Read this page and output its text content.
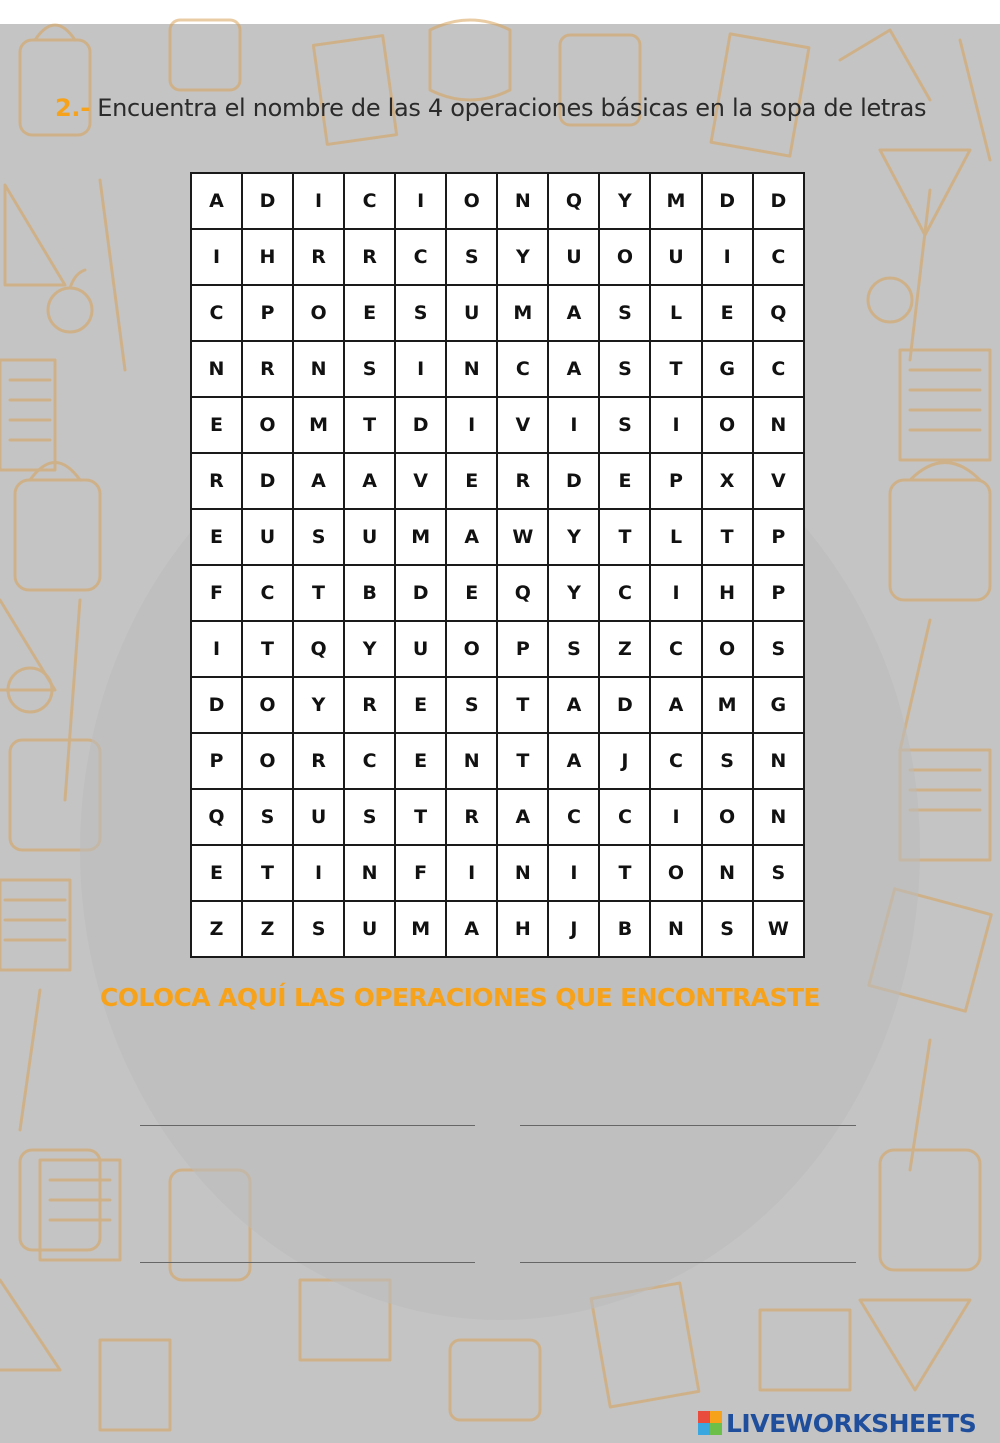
2.- Encuentra el nombre de las 4 operaciones básicas en la sopa de letras
A	D	I	C	I	O	N	Q	Y	M	D	D
I	H	R	R	C	S	Y	U	O	U	I	C
C	P	O	E	S	U	M	A	S	L	E	Q
N	R	N	S	I	N	C	A	S	T	G	C
E	O	M	T	D	I	V	I	S	I	O	N
R	D	A	A	V	E	R	D	E	P	X	V
E	U	S	U	M	A	W	Y	T	L	T	P
F	C	T	B	D	E	Q	Y	C	I	H	P
I	T	Q	Y	U	O	P	S	Z	C	O	S
D	O	Y	R	E	S	T	A	D	A	M	G
P	O	R	C	E	N	T	A	J	C	S	N
Q	S	U	S	T	R	A	C	C	I	O	N
E	T	I	N	F	I	N	I	T	O	N	S
Z	Z	S	U	M	A	H	J	B	N	S	W
COLOCA AQUÍ LAS OPERACIONES QUE ENCONTRASTE
LIVEWORKSHEETS
